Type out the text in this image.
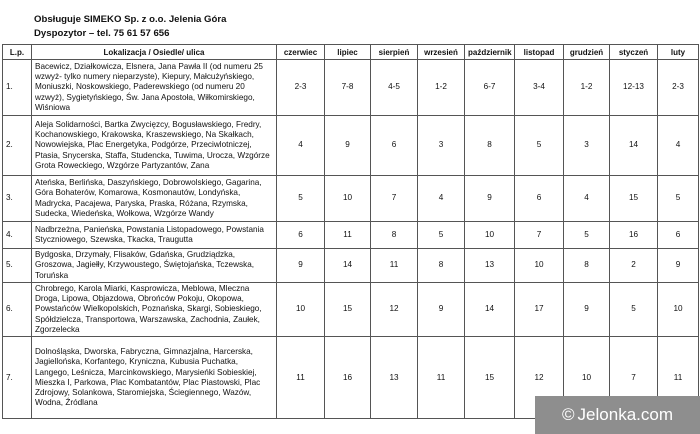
Obsługuje SIMEKO Sp. z o.o. Jelenia Góra
Dyspozytor – tel. 75 61 57 656
L.p.	Lokalizacja / Osiedle/ ulica	czerwiec	lipiec	sierpień	wrzesień	październik	listopad	grudzień	styczeń	luty
1.	Bacewicz, Działkowicza, Elsnera, Jana Pawła II (od numeru 25 wzwyż- tylko numery nieparzyste), Kiepury, Małcużyńskiego, Moniuszki, Noskowskiego, Paderewskiego (od numeru 20 wzwyż), Sygietyńskiego, Św. Jana Apostoła, Wiłkomirskiego, Wiśniowa	2-3	7-8	4-5	1-2	6-7	3-4	1-2	12-13	2-3
2.	Aleja Solidarności, Bartka Zwycięzcy, Bogusławskiego, Fredry, Kochanowskiego, Krakowska, Kraszewskiego, Na Skałkach, Nowowiejska, Plac Energetyka, Podgórze, Przeciwlotniczej, Ptasia, Snycerska, Staffa, Studencka, Tuwima, Urocza, Wzgórze Grota Roweckiego, Wzgórze Partyzantów, Zana	4	9	6	3	8	5	3	14	4
3.	Ateńska, Berlińska, Daszyńskiego, Dobrowolskiego, Gagarina, Góra Bohaterów, Komarowa, Kosmonautów, Londyńska, Madrycka, Pacajewa, Paryska, Praska, Różana, Rzymska, Sudecka, Wiedeńska, Wołkowa, Wzgórze Wandy	5	10	7	4	9	6	4	15	5
4.	Nadbrzeżna, Panieńska, Powstania Listopadowego, Powstania Styczniowego, Szewska, Tkacka, Traugutta	6	11	8	5	10	7	5	16	6
5.	Bydgoska, Drzymały, Flisaków, Gdańska, Grudziądzka, Groszowa, Jagiełły, Krzywoustego, Świętojańska, Tczewska, Toruńska	9	14	11	8	13	10	8	2	9
6.	Chrobrego, Karola Miarki, Kasprowicza, Meblowa, Mleczna Droga, Lipowa, Objazdowa, Obrońców Pokoju, Okopowa, Powstańców Wielkopolskich, Poznańska, Skargi, Sobieskiego, Spółdzielcza, Transportowa, Warszawska, Zachodnia, Zaułek, Zgorzelecka	10	15	12	9	14	17	9	5	10
7.	Dolnośląska, Dworska, Fabryczna, Gimnazjalna, Harcerska, Jagiellońska, Korfantego, Kryniczna, Kubusia Puchatka, Langego, Leśnicza, Marcinkowskiego, Marysieńki Sobieskiej, Mieszka I, Parkowa, Plac Kombatantów, Plac Piastowski, Plac Zdrojowy, Solankowa, Staromiejska, Ściegiennego, Wazów, Wodna, Źródlana	11	16	13	11	15	12	10	7	11
© Jelonka.com
